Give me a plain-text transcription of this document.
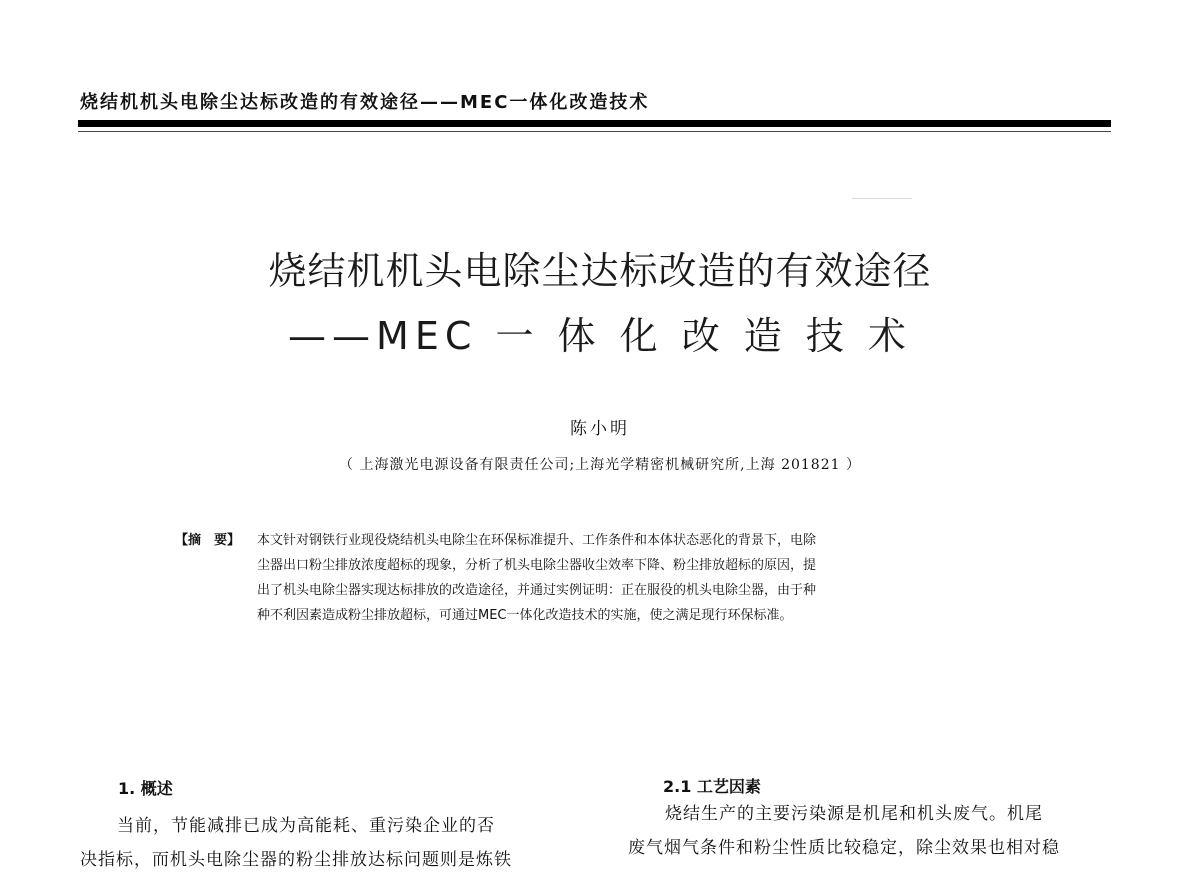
烧结机机头电除尘达标改造的有效途径——MEC一体化改造技术
烧结机机头电除尘达标改造的有效途径
——MEC 一 体 化 改 造 技 术
陈小明
（ 上海激光电源设备有限责任公司;上海光学精密机械研究所,上海 201821 ）
【摘　要】 本文针对钢铁行业现役烧结机头电除尘在环保标准提升、工作条件和本体状态恶化的背景下，电除
尘器出口粉尘排放浓度超标的现象，分析了机头电除尘器收尘效率下降、粉尘排放超标的原因，提
出了机头电除尘器实现达标排放的改造途径，并通过实例证明：正在服役的机头电除尘器，由于种
种不利因素造成粉尘排放超标，可通过MEC一体化改造技术的实施，使之满足现行环保标准。
1. 概述
当前，节能减排已成为高能耗、重污染企业的否
决指标，而机头电除尘器的粉尘排放达标问题则是炼铁
2.1 工艺因素
烧结生产的主要污染源是机尾和机头废气。机尾
废气烟气条件和粉尘性质比较稳定，除尘效果也相对稳
